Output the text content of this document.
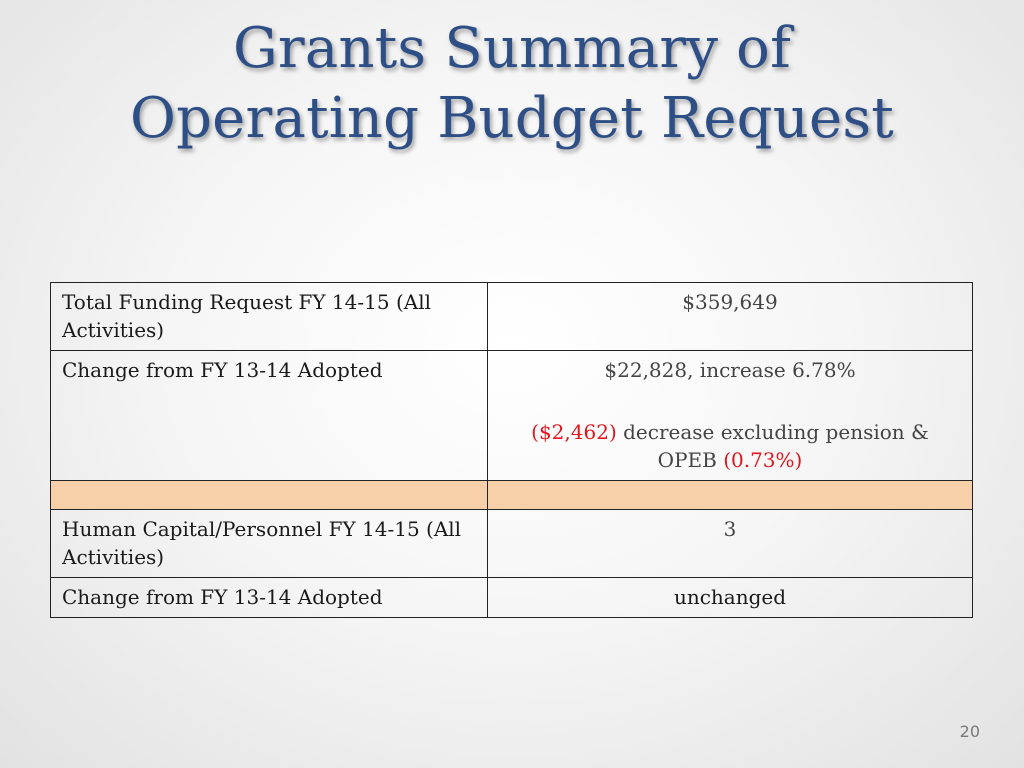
Grants Summary of
Operating Budget Request
Total Funding Request FY 14-15 (All Activities)	$359,649
Change from FY 13-14 Adopted	$22,828, increase 6.78%
($2,462) decrease excluding pension & OPEB (0.73%)

Human Capital/Personnel FY 14-15 (All Activities)	3
Change from FY 13-14 Adopted	unchanged
20
